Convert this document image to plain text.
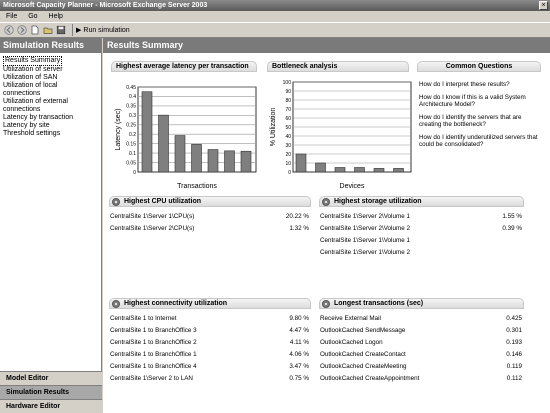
Microsoft Capacity Planner - Microsoft Exchange Server 2003	×
File Go Help
▶ Run simulation
Simulation Results
Results Summary
Utilization of server
Utilization of SAN
Utilization of local
connections
Utilization of external
connections
Latency by transaction
Latency by site
Threshold settings
Model Editor
Simulation Results
Hardware Editor
Results Summary
Highest average latency per transaction
0
0.05
0.1
0.15
0.2
0.25
0.3
0.35
0.4
0.45
Latency (sec)
Transactions
Bottleneck analysis
0
10
20
30
40
50
60
70
80
90
100
% Utilization
Devices
Common Questions
How do I interpret these results?
How do I know if this is a valid System Architecture Model?
How do I identify the servers that are creating the bottleneck?
How do I identify underutilized servers that could be consolidated?
Highest CPU utilization
CentralSite 1\Server 1\CPU(s)	20.22 %
CentralSite 1\Server 2\CPU(s)	1.32 %
Highest storage utilization
CentralSite 1\Server 2\Volume 1	1.55 %
CentralSite 1\Server 2\Volume 2	0.39 %
CentralSite 1\Server 1\Volume 1
CentralSite 1\Server 1\Volume 2
Highest connectivity utilization
CentralSite 1 to Internet	9.80 %
CentralSite 1 to BranchOffice 3	4.47 %
CentralSite 1 to BranchOffice 2	4.11 %
CentralSite 1 to BranchOffice 1	4.06 %
CentralSite 1 to BranchOffice 4	3.47 %
CentralSite 1\Server 2 to LAN	0.75 %
Longest transactions (sec)
Receive External Mail	0.425
OutlookCached SendMessage	0.301
OutlookCached Logon	0.193
OutlookCached CreateContact	0.146
OutlookCached CreateMeeting	0.119
OutlookCached CreateAppointment	0.112
